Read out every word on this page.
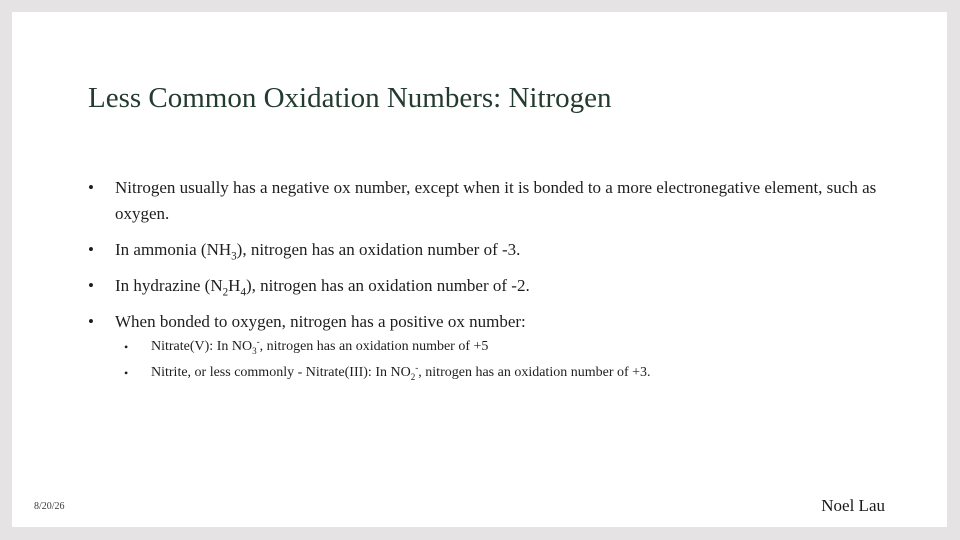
Less Common Oxidation Numbers: Nitrogen
• Nitrogen usually has a negative ox number, except when it is bonded to a more electronegative element, such as oxygen.
• In ammonia $(NH_3)$, nitrogen has an oxidation number of -3.
• In hydrazine $(N_2H_4)$, nitrogen has an oxidation number of -2.
• When bonded to oxygen, nitrogen has a positive ox number:
• Nitrate(V): In $NO_3^-$, nitrogen has an oxidation number of +5
• Nitrite, or less commonly - Nitrate(III): In $NO_2^-$, nitrogen has an oxidation number of +3.
8/20/26	Noel Lau
